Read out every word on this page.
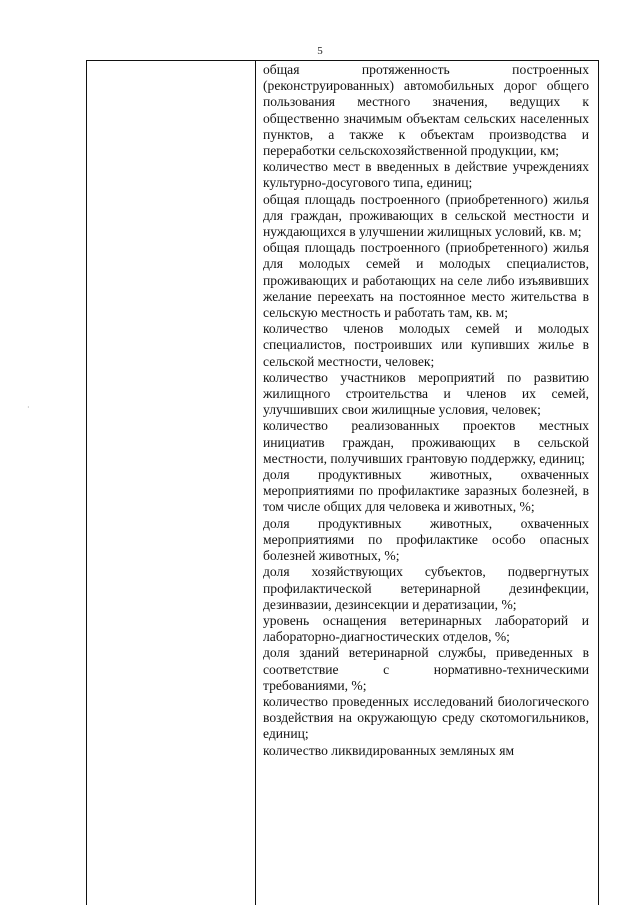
5
·
общая протяженность построенных (реконструированных) автомобильных дорог общего пользования местного значения, ведущих к общественно значимым объектам сельских населенных пунктов, а также к объектам производства и переработки сельскохозяйственной продукции, км;
количество мест в введенных в действие учреждениях культурно-досугового типа, единиц;
общая площадь построенного (приобретенного) жилья для граждан, проживающих в сельской местности и нуждающихся в улучшении жилищных условий, кв. м;
общая площадь построенного (приобретенного) жилья для молодых семей и молодых специалистов, проживающих и работающих на селе либо изъявивших желание переехать на постоянное место жительства в сельскую местность и работать там, кв. м;
количество членов молодых семей и молодых специалистов, построивших или купивших жилье в сельской местности, человек;
количество участников мероприятий по развитию жилищного строительства и членов их семей, улучшивших свои жилищные условия, человек;
количество реализованных проектов местных инициатив граждан, проживающих в сельской местности, получивших грантовую поддержку, единиц;
доля продуктивных животных, охваченных мероприятиями по профилактике заразных болезней, в том числе общих для человека и животных, %;
доля продуктивных животных, охваченных мероприятиями по профилактике особо опасных болезней животных, %;
доля хозяйствующих субъектов, подвергнутых профилактической ветеринарной дезинфекции, дезинвазии, дезинсекции и дератизации, %;
уровень оснащения ветеринарных лабораторий и лабораторно-диагностических отделов, %;
доля зданий ветеринарной службы, приведенных в соответствие с нормативно-техническими требованиями, %;
количество проведенных исследований биологического воздействия на окружающую среду скотомогильников, единиц;
количество ликвидированных земляных ям
